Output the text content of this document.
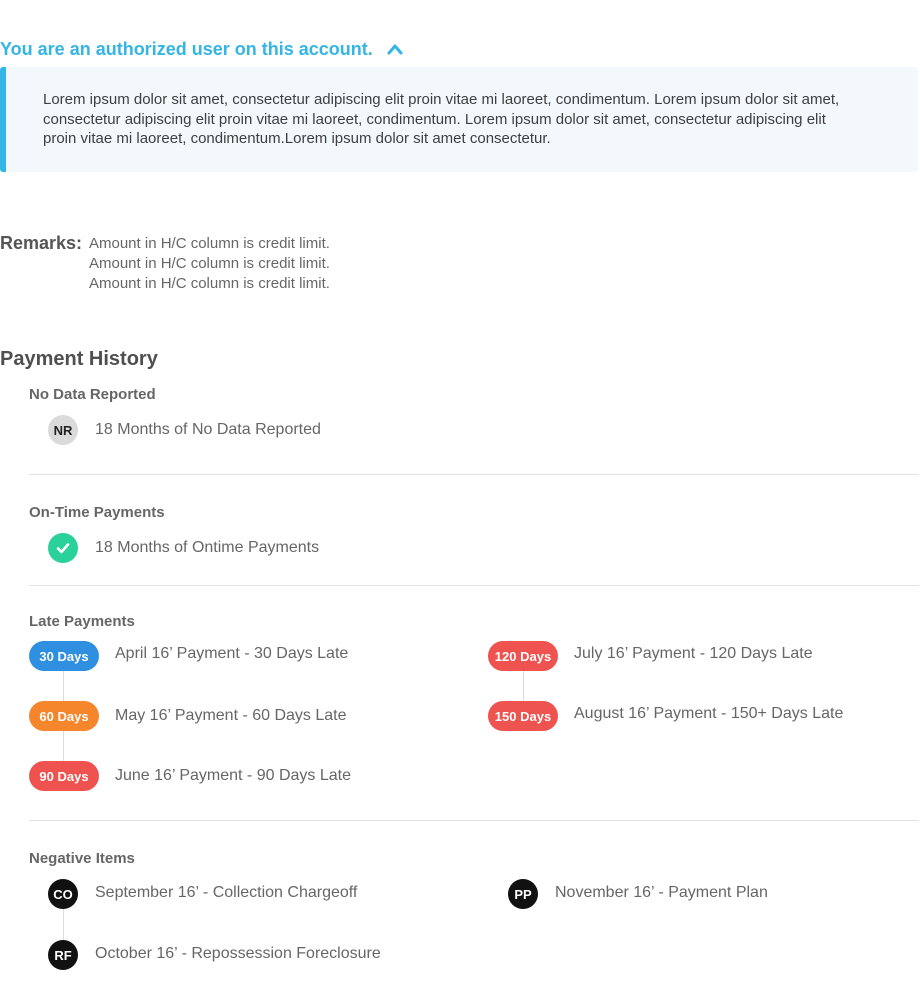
You are an authorized user on this account.
Lorem ipsum dolor sit amet, consectetur adipiscing elit proin vitae mi laoreet, condimentum. Lorem ipsum dolor sit amet, consectetur adipiscing elit proin vitae mi laoreet, condimentum. Lorem ipsum dolor sit amet, consectetur adipiscing elit proin vitae mi laoreet, condimentum.Lorem ipsum dolor sit amet consectetur.
Remarks: Amount in H/C column is credit limit.
Amount in H/C column is credit limit.
Amount in H/C column is credit limit.
Payment History
No Data Reported
NR	18 Months of No Data Reported
On-Time Payments
18 Months of Ontime Payments
Late Payments
30 Days	April 16’ Payment - 30 Days Late
60 Days	May 16’ Payment - 60 Days Late
90 Days	June 16’ Payment - 90 Days Late
120 Days	July 16’ Payment - 120 Days Late
150 Days	August 16’ Payment - 150+ Days Late
Negative Items
CO	September 16’ - Collection Chargeoff
RF	October 16’ - Repossession Foreclosure
PP	November 16’ - Payment Plan
